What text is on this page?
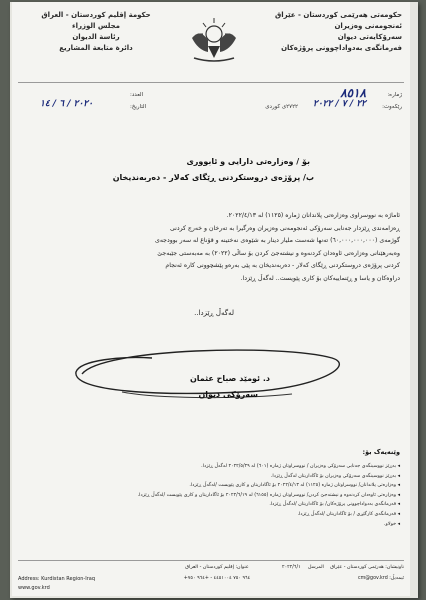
حکومەتی هەرێمی کوردستان - عێراق
ئەنجومەنی وەزیران
سەرۆکایەتی دیوان
فەرمانگەی بەدواداچوونی پرۆژەکان
حكومة إقليم كوردستان - العراق
مجلس الوزراء
رئاسة الديوان
دائرة متابعة المشاريع
ژمارە:
٨٥١٨
رێکەوت:
٢٢ / ٧ / ٢٠٢٢
٢٧٢٢ی کوردی
العدد:
التاریخ:
٢٠٢٠ / ٦ / ١٤
بۆ / وەزارەتی دارایی و ئابووری
ب/ پرۆژەی دروستکردنی ڕێگای کەلار - دەربەندیخان
ئاماژە بە نووسراوی وەزارەتی پلاندانان ژمارە (١١٢٥) لە ٢٠٢٢/٤/١٣.
ڕەزامەندی ڕێزدار جەنابی سەرۆکی ئەنجومەنی وەزیران وەرگیرا بە تەرخان و خەرج کردنی
گوژمەی (٦٠,٠٠٠,٠٠٠,٠٠٠) تەنها شەست ملیار دینار بە شێوەی نەختینە و قۆناغ لە سەر بوودجەی
وەبەرهێنانی وەزارەتی ئاوەدان کردنەوە و نیشتەجێ کردن بۆ ساڵی (٢٠٢٢) بە مەبەستی جێبەجێ
کردنی پرۆژەی دروستکردنی ڕێگای کەلار - دەربەندیخان بە پێی بەرەو پێشچوونی کارە ئەنجام
دراوەکان و یاسا و ڕێنماییەکان بۆ کاری پێویست.. لەگەڵ ڕێزدا.
لەگەڵ ڕێزدا..
د. ئومێد صباح عثمان
سەرۆکی دیوان
وێنەیەک بۆ:
◂ بەڕێز نووسینگەی جەنابی سەرۆکی وەزیران / نووسراوتان ژمارە (٦٠١) لە ٢٠٢٢/٥/٢٩ لەگەڵ ڕێزدا.
◂ بەڕێز نووسینگەی سەرۆکی وەزیران بۆ ئاگاداریتان لەگەڵ ڕێزدا.
◂ وەزارەتی پلاندانان/ نووسراوتان ژمارە (١١٢٥) لە ٢٠٢٢/٤/١٣ بۆ ئاگاداریتان و کاری پێویست /لەگەڵ ڕێزدا.
◂ وەزارەتی ئاوەدان کردنەوە و نیشتەجێ کردن/ نووسراوتان ژمارە (٦١٥٥) لە ٢٠٢٢/٦/١٩ بۆ ئاگاداریتان و کاری پێویست /لەگەڵ ڕێزدا.
◂ فەرمانگەی بەدواداچوونی پرۆژەکان/ بۆ ئاگاداریتان /لەگەڵ ڕێزدا.
◂ فەرمانگەی کارگێڕی / بۆ ئاگاداریتان /لەگەڵ ڕێزدا.
◂ خولاو.
Address: Kurdistan Region-Iraq
www.gov.krd
عنوان: إقلیم کوردستان - العراق
+٩٦٤ ٧٥٠ ٤٤٥١٠٠٤ - +٩٦٤ ٧٥٠
المرسل
٢٠٢٢/٦/١	ناونیشان: هەرێمی کوردستان - عێراق
cm@gov.krd :ئیمەیڵ
